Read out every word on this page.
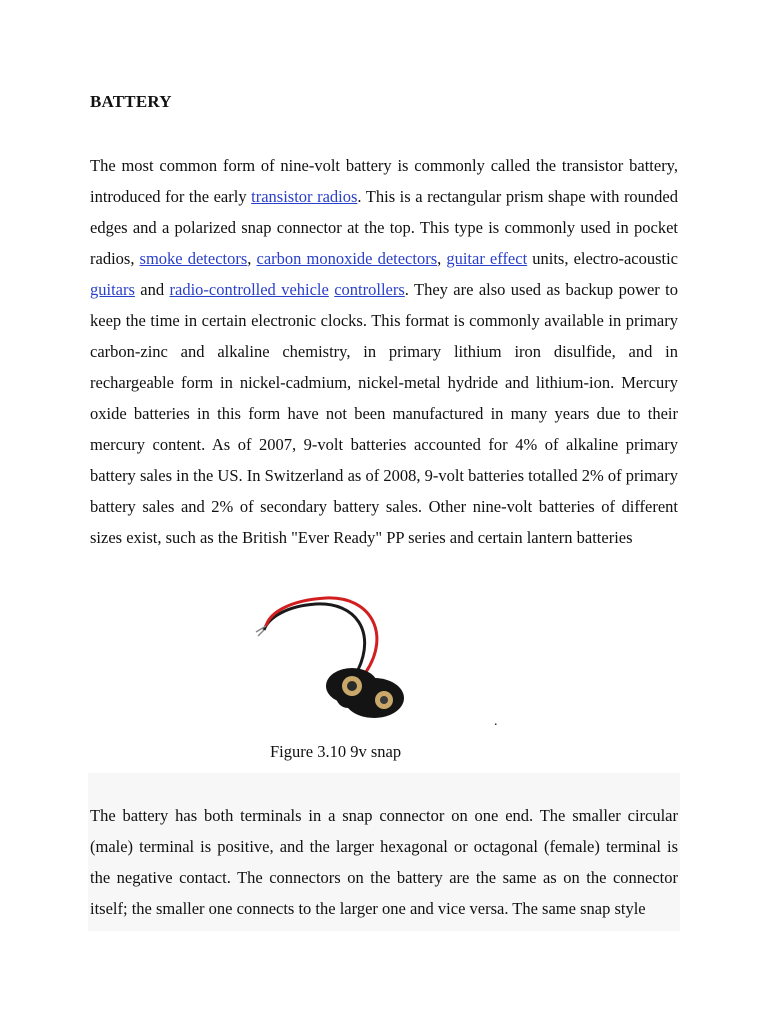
BATTERY

The most common form of nine-volt battery is commonly called the transistor battery, introduced for the early transistor radios. This is a rectangular prism shape with rounded edges and a polarized snap connector at the top. This type is commonly used in pocket radios, smoke detectors, carbon monoxide detectors, guitar effect units, electro-acoustic guitars and radio-controlled vehicle controllers. They are also used as backup power to keep the time in certain electronic clocks. This format is commonly available in primary carbon-zinc and alkaline chemistry, in primary lithium iron disulfide, and in rechargeable form in nickel-cadmium, nickel-metal hydride and lithium-ion. Mercury oxide batteries in this form have not been manufactured in many years due to their mercury content. As of 2007, 9-volt batteries accounted for 4% of alkaline primary battery sales in the US. In Switzerland as of 2008, 9-volt batteries totalled 2% of primary battery sales and 2% of secondary battery sales. Other nine-volt batteries of different sizes exist, such as the British "Ever Ready" PP series and certain lantern batteries

.
Figure 3.10 9v snap

The battery has both terminals in a snap connector on one end. The smaller circular (male) terminal is positive, and the larger hexagonal or octagonal (female) terminal is the negative contact. The connectors on the battery are the same as on the connector itself; the smaller one connects to the larger one and vice versa. The same snap style
